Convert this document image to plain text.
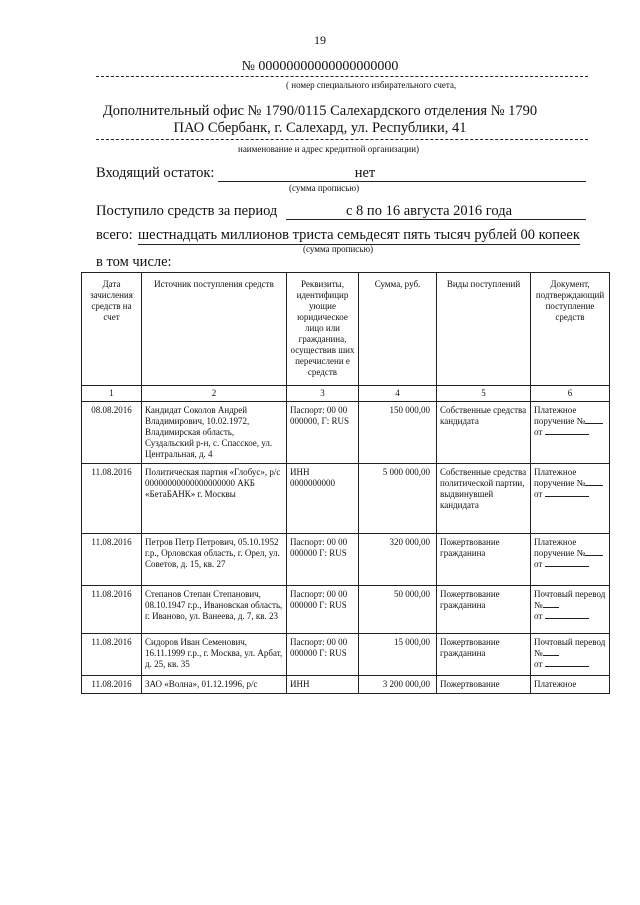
19
№ 00000000000000000000
( номер специального избирательного счета,
Дополнительный офис № 1790/0115 Салехардского отделения № 1790
ПАО Сбербанк, г. Салехард, ул. Республики, 41
наименование и адрес кредитной организации)
Входящий остаток:	нет
(сумма прописью)
Поступило средств за период	с 8 по 16 августа 2016 года
всего: шестнадцать миллионов триста семьдесят пять тысяч рублей 00 копеек
(сумма прописью)
в том числе:
Дата зачисления средств на счет	Источник поступления средств	Реквизиты, идентифицир ующие юридическое лицо или гражданина, осуществив ших перечислени е средств	Сумма, руб.	Виды поступлений	Документ, подтверждающий поступление средств
1	2	3	4	5	6
08.08.2016	Кандидат Соколов Андрей Владимирович, 10.02.1972, Владимирская область, Суздальский р-н, с. Спасское, ул. Центральная, д. 4	Паспорт: 00 00 000000, Г: RUS	150 000,00	Собственные средства кандидата	Платежное поручение №
от
11.08.2016	Политическая партия «Глобус», р/с 00000000000000000000 АКБ «БетаБАНК» г. Москвы	ИНН 0000000000	5 000 000,00	Собственные средства политической партии, выдвинувшей кандидата	Платежное поручение №
от
11.08.2016	Петров Петр Петрович, 05.10.1952 г.р., Орловская область, г. Орел, ул. Советов, д. 15, кв. 27	Паспорт: 00 00 000000 Г: RUS	320 000,00	Пожертвование гражданина	Платежное поручение №
от
11.08.2016	Степанов Степан Степанович, 08.10.1947 г.р., Ивановская область, г. Иваново, ул. Ванеева, д. 7, кв. 23	Паспорт: 00 00 000000 Г: RUS	50 000,00	Пожертвование гражданина	Почтовый перевод №
от
11.08.2016	Сидоров Иван Семенович, 16.11.1999 г.р., г. Москва, ул. Арбат, д. 25, кв. 35	Паспорт: 00 00 000000 Г: RUS	15 000,00	Пожертвование гражданина	Почтовый перевод №
от
11.08.2016	ЗАО «Волна», 01.12.1996, р/с	ИНН	3 200 000,00	Пожертвование	Платежное
